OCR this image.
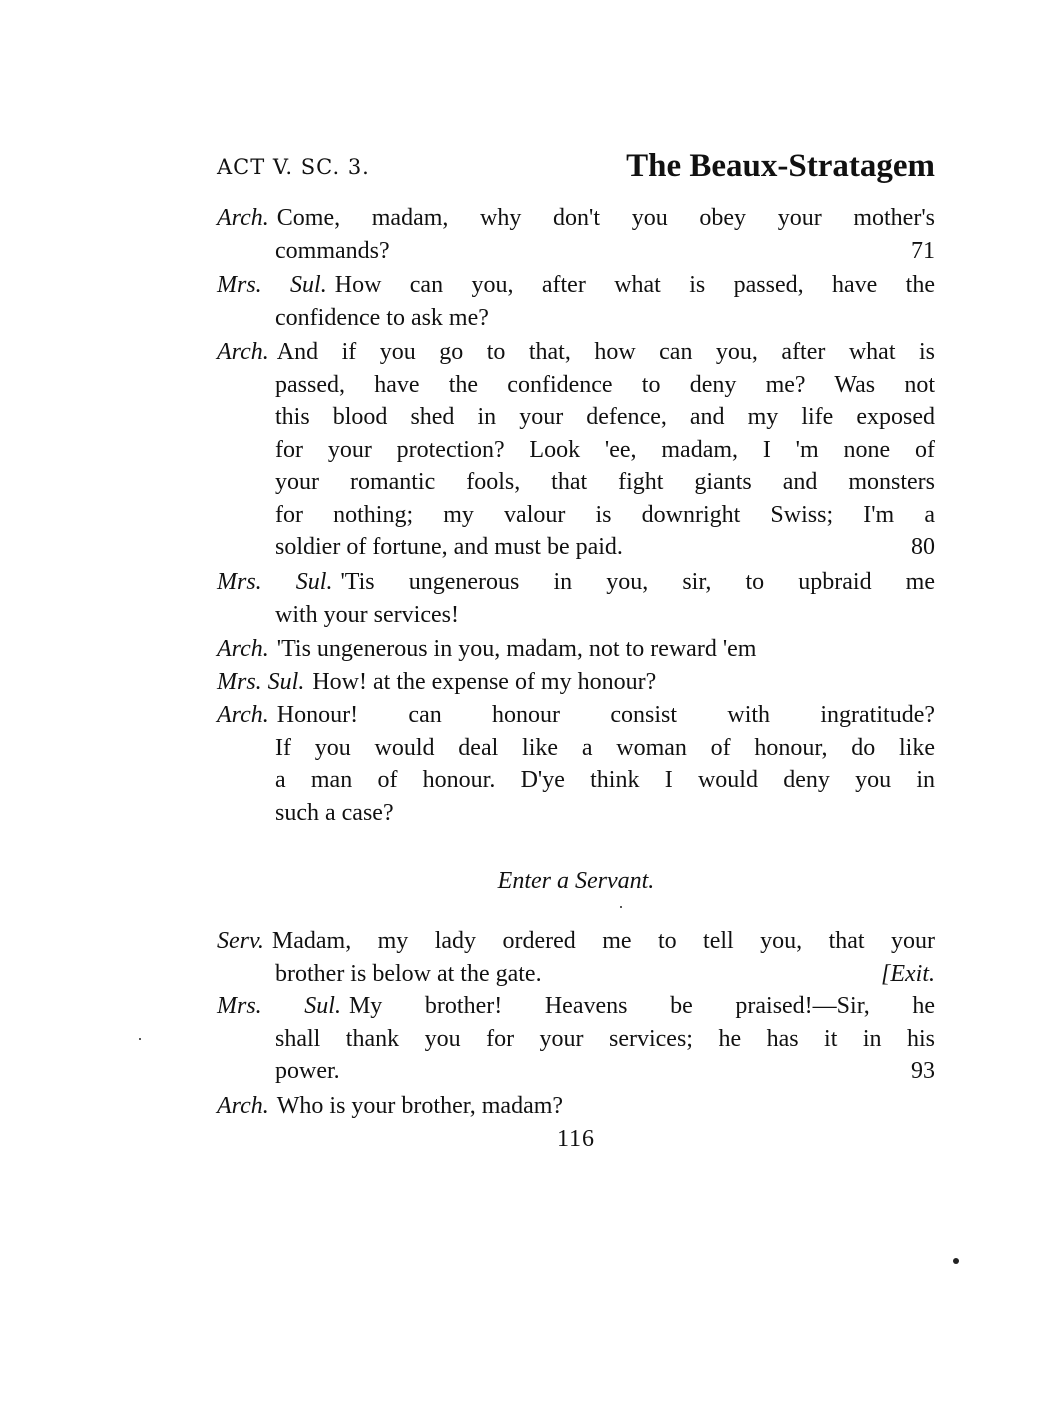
ACT V. SC. 3.	The Beaux-Stratagem
Arch. Come, madam, why don't you obey your mother's
commands?	71
Mrs. Sul. How can you, after what is passed, have the
confidence to ask me?
Arch. And if you go to that, how can you, after what is
passed, have the confidence to deny me? Was not
this blood shed in your defence, and my life exposed
for your protection? Look 'ee, madam, I 'm none of
your romantic fools, that fight giants and monsters
for nothing; my valour is downright Swiss; I'm a
soldier of fortune, and must be paid.	80
Mrs. Sul. 'Tis ungenerous in you, sir, to upbraid me
with your services!
Arch. 'Tis ungenerous in you, madam, not to reward 'em
Mrs. Sul. How! at the expense of my honour?
Arch. Honour! can honour consist with ingratitude?
If you would deal like a woman of honour, do like
a man of honour. D'ye think I would deny you in
such a case?
Enter a Servant.
Serv. Madam, my lady ordered me to tell you, that your
brother is below at the gate.	[Exit.
Mrs. Sul. My brother! Heavens be praised!—Sir, he
shall thank you for your services; he has it in his
power.	93
Arch. Who is your brother, madam?
116
